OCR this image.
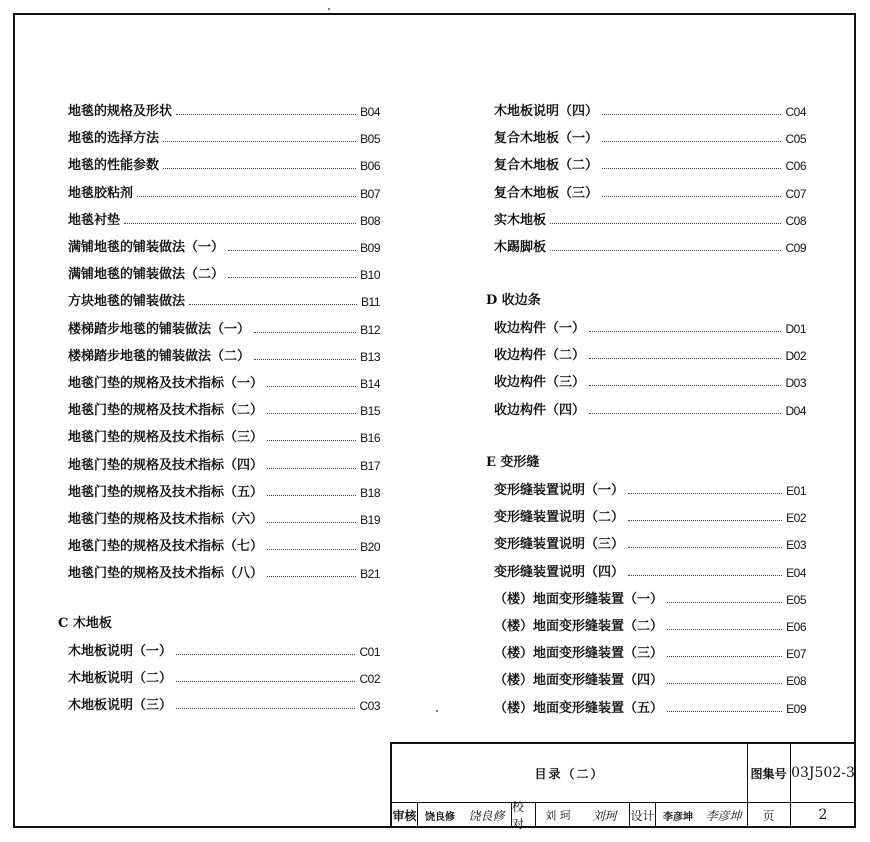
地毯的规格及形状	B04
地毯的选择方法	B05
地毯的性能参数	B06
地毯胶粘剂	B07
地毯衬垫	B08
满铺地毯的铺装做法（一）	B09
满铺地毯的铺装做法（二）	B10
方块地毯的铺装做法	B11
楼梯踏步地毯的铺装做法（一）	B12
楼梯踏步地毯的铺装做法（二）	B13
地毯门垫的规格及技术指标（一）	B14
地毯门垫的规格及技术指标（二）	B15
地毯门垫的规格及技术指标（三）	B16
地毯门垫的规格及技术指标（四）	B17
地毯门垫的规格及技术指标（五）	B18
地毯门垫的规格及技术指标（六）	B19
地毯门垫的规格及技术指标（七）	B20
地毯门垫的规格及技术指标（八）	B21
木地板说明（一）	C01
木地板说明（二）	C02
木地板说明（三）	C03
木地板说明（四）	C04
复合木地板（一）	C05
复合木地板（二）	C06
复合木地板（三）	C07
实木地板	C08
木踢脚板	C09
收边构件（一）	D01
收边构件（二）	D02
收边构件（三）	D03
收边构件（四）	D04
变形缝装置说明（一）	E01
变形缝装置说明（二）	E02
变形缝装置说明（三）	E03
变形缝装置说明（四）	E04
（楼）地面变形缝装置（一）	E05
（楼）地面变形缝装置（二）	E06
（楼）地面变形缝装置（三）	E07
（楼）地面变形缝装置（四）	E08
（楼）地面变形缝装置（五）	E09
C 木地板
D 收边条
E 变形缝
目录（二）	图集号 03J502-3
审核 饶良修	饶良修
校对
刘 珂	刘珂	设计 李彦坤	李彦坤	页	2
